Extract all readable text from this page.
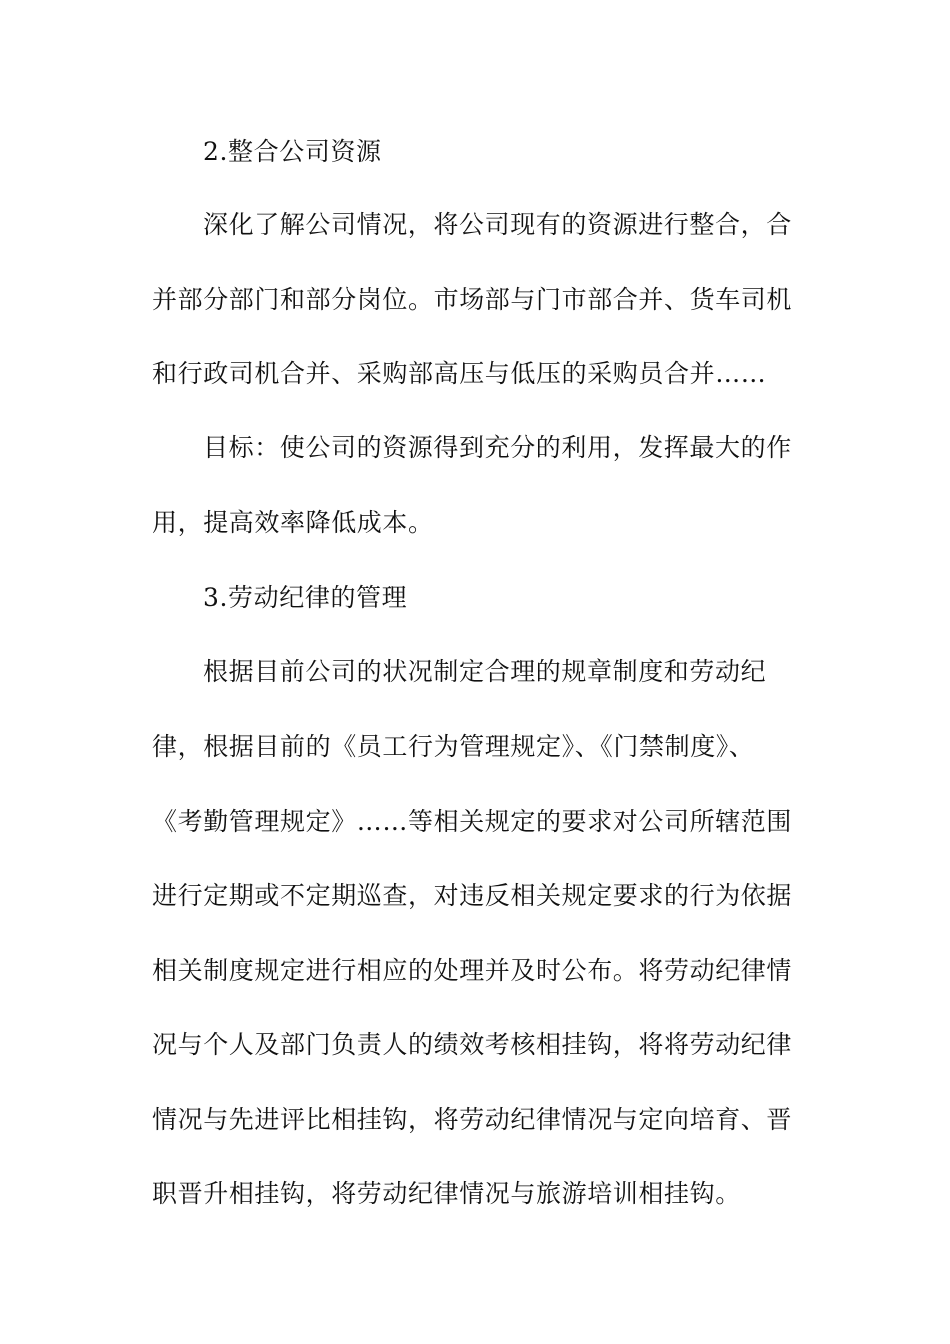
2.整合公司资源
深化了解公司情况，将公司现有的资源进行整合，合
并部分部门和部分岗位。市场部与门市部合并、货车司机
和行政司机合并、采购部高压与低压的采购员合并……
目标：使公司的资源得到充分的利用，发挥最大的作
用，提高效率降低成本。
3.劳动纪律的管理
根据目前公司的状况制定合理的规章制度和劳动纪
律，根据目前的《员工行为管理规定》、《门禁制度》、
《考勤管理规定》……等相关规定的要求对公司所辖范围
进行定期或不定期巡查，对违反相关规定要求的行为依据
相关制度规定进行相应的处理并及时公布。将劳动纪律情
况与个人及部门负责人的绩效考核相挂钩，将将劳动纪律
情况与先进评比相挂钩，将劳动纪律情况与定向培育、晋
职晋升相挂钩，将劳动纪律情况与旅游培训相挂钩。
